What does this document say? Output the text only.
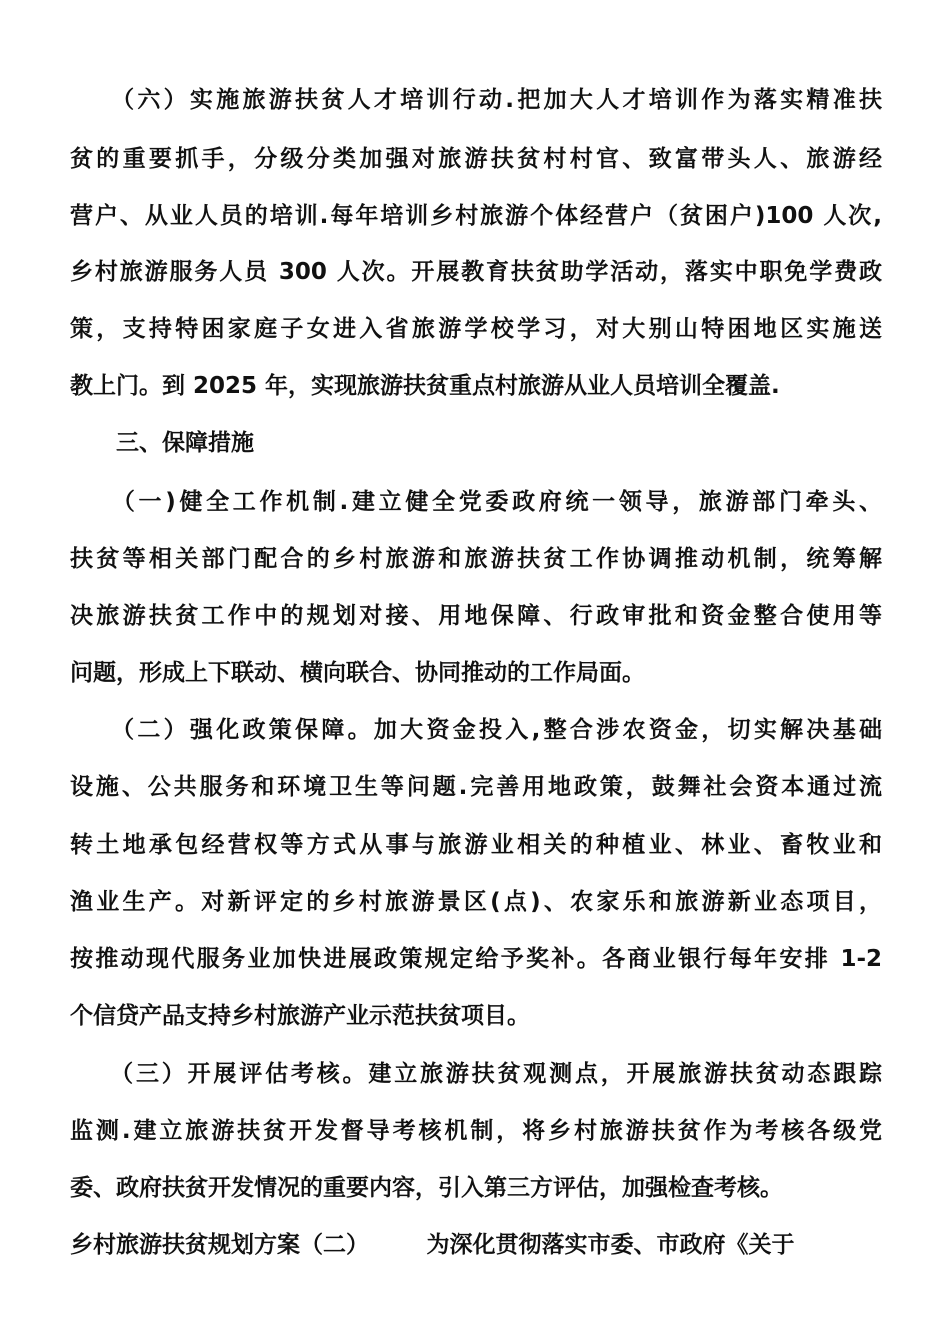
　　（六）实施旅游扶贫人才培训行动.把加大人才培训作为落实精准扶
贫的重要抓手，分级分类加强对旅游扶贫村村官、致富带头人、旅游经
营户、从业人员的培训.每年培训乡村旅游个体经营户（贫困户)100 人次,
乡村旅游服务人员 300 人次。开展教育扶贫助学活动，落实中职免学费政
策，支持特困家庭子女进入省旅游学校学习，对大别山特困地区实施送
教上门。到 2025 年，实现旅游扶贫重点村旅游从业人员培训全覆盖.
　　三、保障措施
　　（一)健全工作机制.建立健全党委政府统一领导，旅游部门牵头、
扶贫等相关部门配合的乡村旅游和旅游扶贫工作协调推动机制，统筹解
决旅游扶贫工作中的规划对接、用地保障、行政审批和资金整合使用等
问题，形成上下联动、横向联合、协同推动的工作局面。
　　（二）强化政策保障。加大资金投入,整合涉农资金，切实解决基础
设施、公共服务和环境卫生等问题.完善用地政策，鼓舞社会资本通过流
转土地承包经营权等方式从事与旅游业相关的种植业、林业、畜牧业和
渔业生产。对新评定的乡村旅游景区(点)、农家乐和旅游新业态项目，
按推动现代服务业加快进展政策规定给予奖补。各商业银行每年安排 1-2
个信贷产品支持乡村旅游产业示范扶贫项目。
　　（三）开展评估考核。建立旅游扶贫观测点，开展旅游扶贫动态跟踪
监测.建立旅游扶贫开发督导考核机制，将乡村旅游扶贫作为考核各级党
委、政府扶贫开发情况的重要内容，引入第三方评估，加强检查考核。
乡村旅游扶贫规划方案（二）　　　为深化贯彻落实市委、市政府《关于
